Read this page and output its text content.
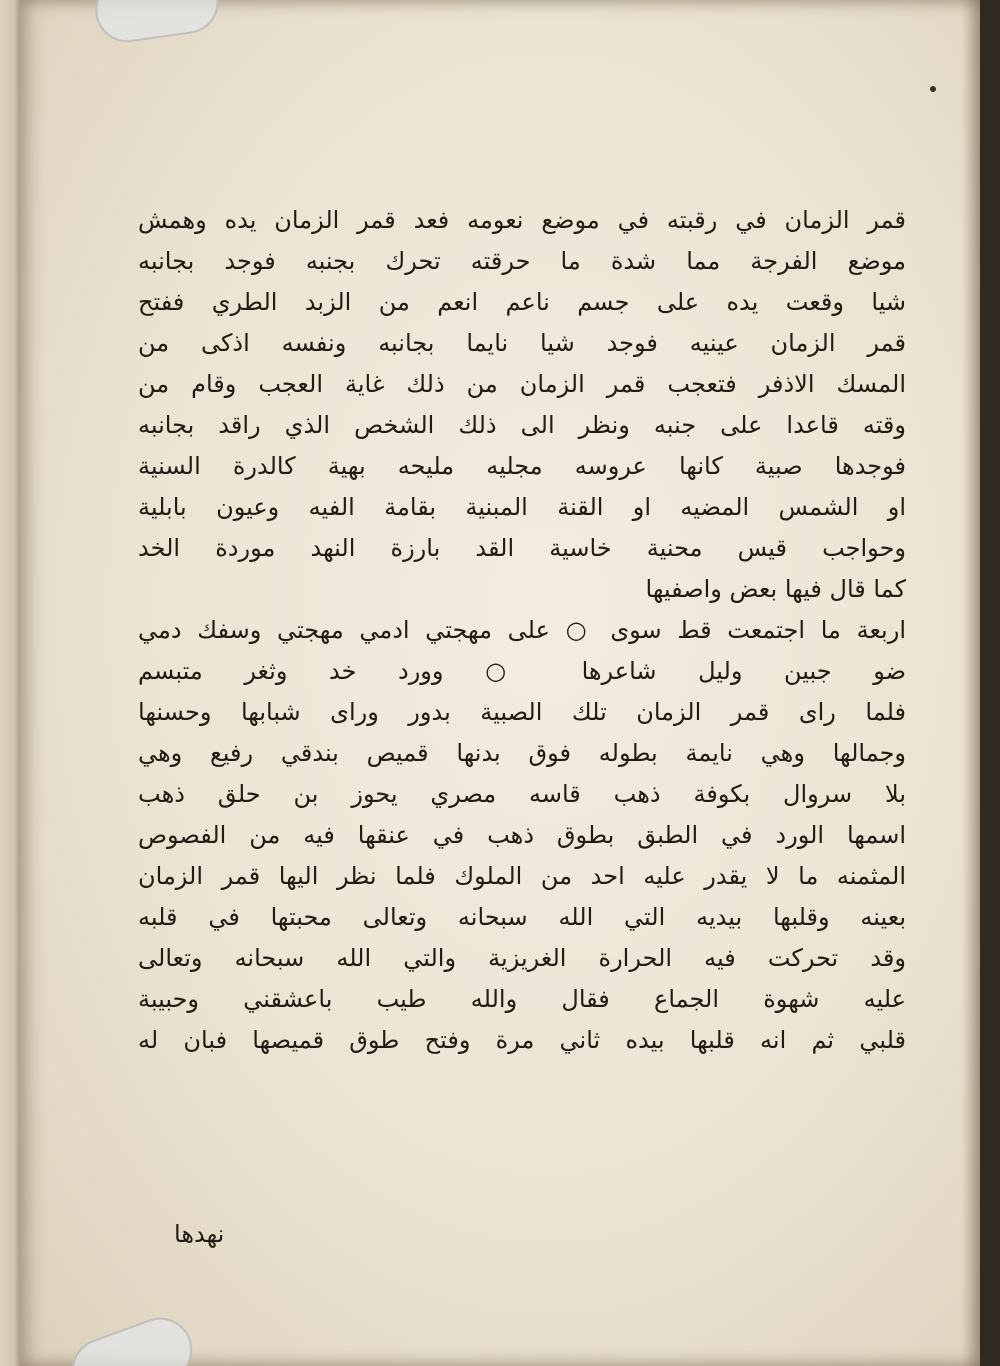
قمر الزمان في رقبته في موضع نعومه فعد قمر الزمان يده وهمش
موضع الفرجة مما شدة ما حرقته تحرك بجنبه فوجد بجانبه
شيا وقعت يده على جسم ناعم انعم من الزبد الطري ففتح
قمر الزمان عينيه فوجد شيا نايما بجانبه ونفسه اذكى من
المسك الاذفر فتعجب قمر الزمان من ذلك غاية العجب وقام من
وقته قاعدا على جنبه ونظر الى ذلك الشخص الذي راقد بجانبه
فوجدها صبية كانها عروسه مجليه مليحه بهية كالدرة السنية
او الشمس المضيه او القنة المبنية بقامة الفيه وعيون بابلية
وحواجب قيس محنية خاسية القد بارزة النهد موردة الخد
كما قال فيها بعض واصفيها
اربعة ما اجتمعت قط سوى ○ على مهجتي ادمي مهجتي وسفك دمي
ضو جبين وليل شاعرها ○ وورد خد وثغر متبسم
فلما راى قمر الزمان تلك الصبية بدور وراى شبابها وحسنها
وجمالها وهي نايمة بطوله فوق بدنها قميص بندقي رفيع وهي
بلا سروال بكوفة ذهب قاسه مصري يحوز بن حلق ذهب
اسمها الورد في الطبق بطوق ذهب في عنقها فيه من الفصوص
المثمنه ما لا يقدر عليه احد من الملوك فلما نظر اليها قمر الزمان
بعينه وقلبها بيديه التي الله سبحانه وتعالى محبتها في قلبه
وقد تحركت فيه الحرارة الغريزية والتي الله سبحانه وتعالى
عليه شهوة الجماع فقال والله طيب باعشقني وحبيبة
قلبي ثم انه قلبها بيده ثاني مرة وفتح طوق قميصها فبان له
نهدها
